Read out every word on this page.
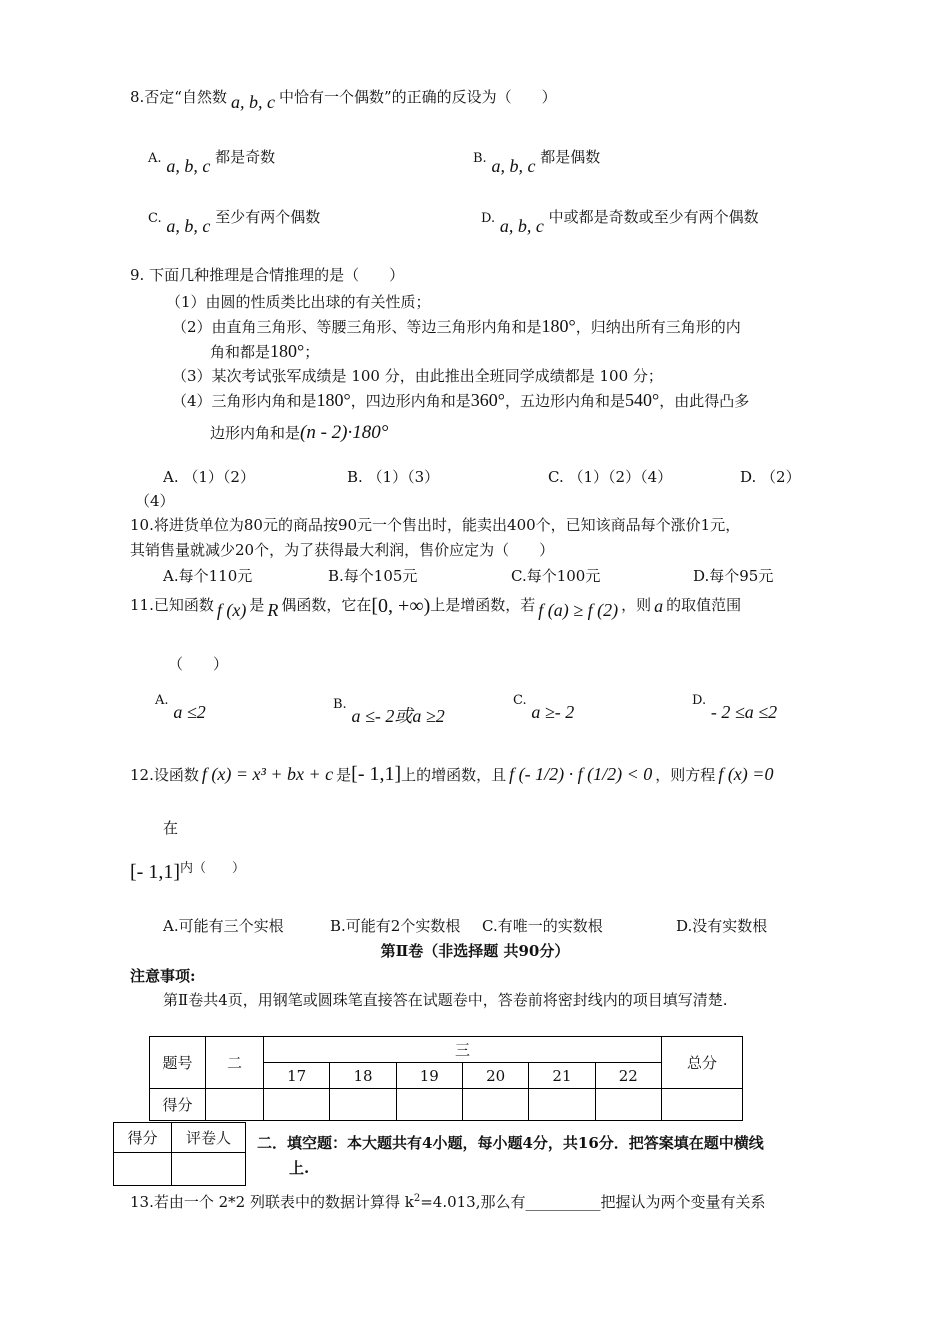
8.否定“自然数 a, b, c 中恰有一个偶数”的正确的反设为（　　）
A. a, b, c 都是奇数	B. a, b, c 都是偶数
C. a, b, c 至少有两个偶数	D. a, b, c 中或都是奇数或至少有两个偶数
9. 下面几种推理是合情推理的是（　　）
（1）由圆的性质类比出球的有关性质；
（2）由直角三角形、等腰三角形、等边三角形内角和是180°，归纳出所有三角形的内
角和都是180°；
（3）某次考试张军成绩是 100 分，由此推出全班同学成绩都是 100 分；
（4）三角形内角和是180°，四边形内角和是360°，五边形内角和是540°，由此得凸多
边形内角和是(n - 2)·180°
A. （1）（2）	B. （1）（3）	C. （1）（2）（4）	D. （2）
（4）
10.将进货单位为80元的商品按90元一个售出时，能卖出400个，已知该商品每个涨价1元，
其销售量就减少20个，为了获得最大利润，售价应定为（　　）
A.每个110元	B.每个105元	C.每个100元	D.每个95元
11.已知函数 f (x) 是 R 偶函数，它在[0, +∞)上是增函数，若 f (a) ≥ f (2) ，则 a 的取值范围
（　　）
A. a ≤2	B. a ≤- 2或a ≥2
C. a ≥- 2
D. - 2 ≤a ≤2
12.设函数 f (x) = x³ + bx + c 是[- 1,1]上的增函数，且 f (- 1/2) · f (1/2) < 0 ，则方程 f (x) =0
在
[- 1,1]内（　　）
A.可能有三个实根	B.可能有2个实数根 C.有唯一的实数根	D.没有实数根
第Ⅱ卷（非选择题 共90分）
注意事项:
第Ⅱ卷共4页，用钢笔或圆珠笔直接答在试题卷中，答卷前将密封线内的项目填写清楚.
题号	二	三						总分
		17	18	19	20	21	22	
得分								
得分	评卷人
	二．填空题：本大题共有4小题，每小题4分，共16分．把答案填在题中横线
上.
13.若由一个 2*2 列联表中的数据计算得 $k^2=4.013$,那么有__________把握认为两个变量有关系
